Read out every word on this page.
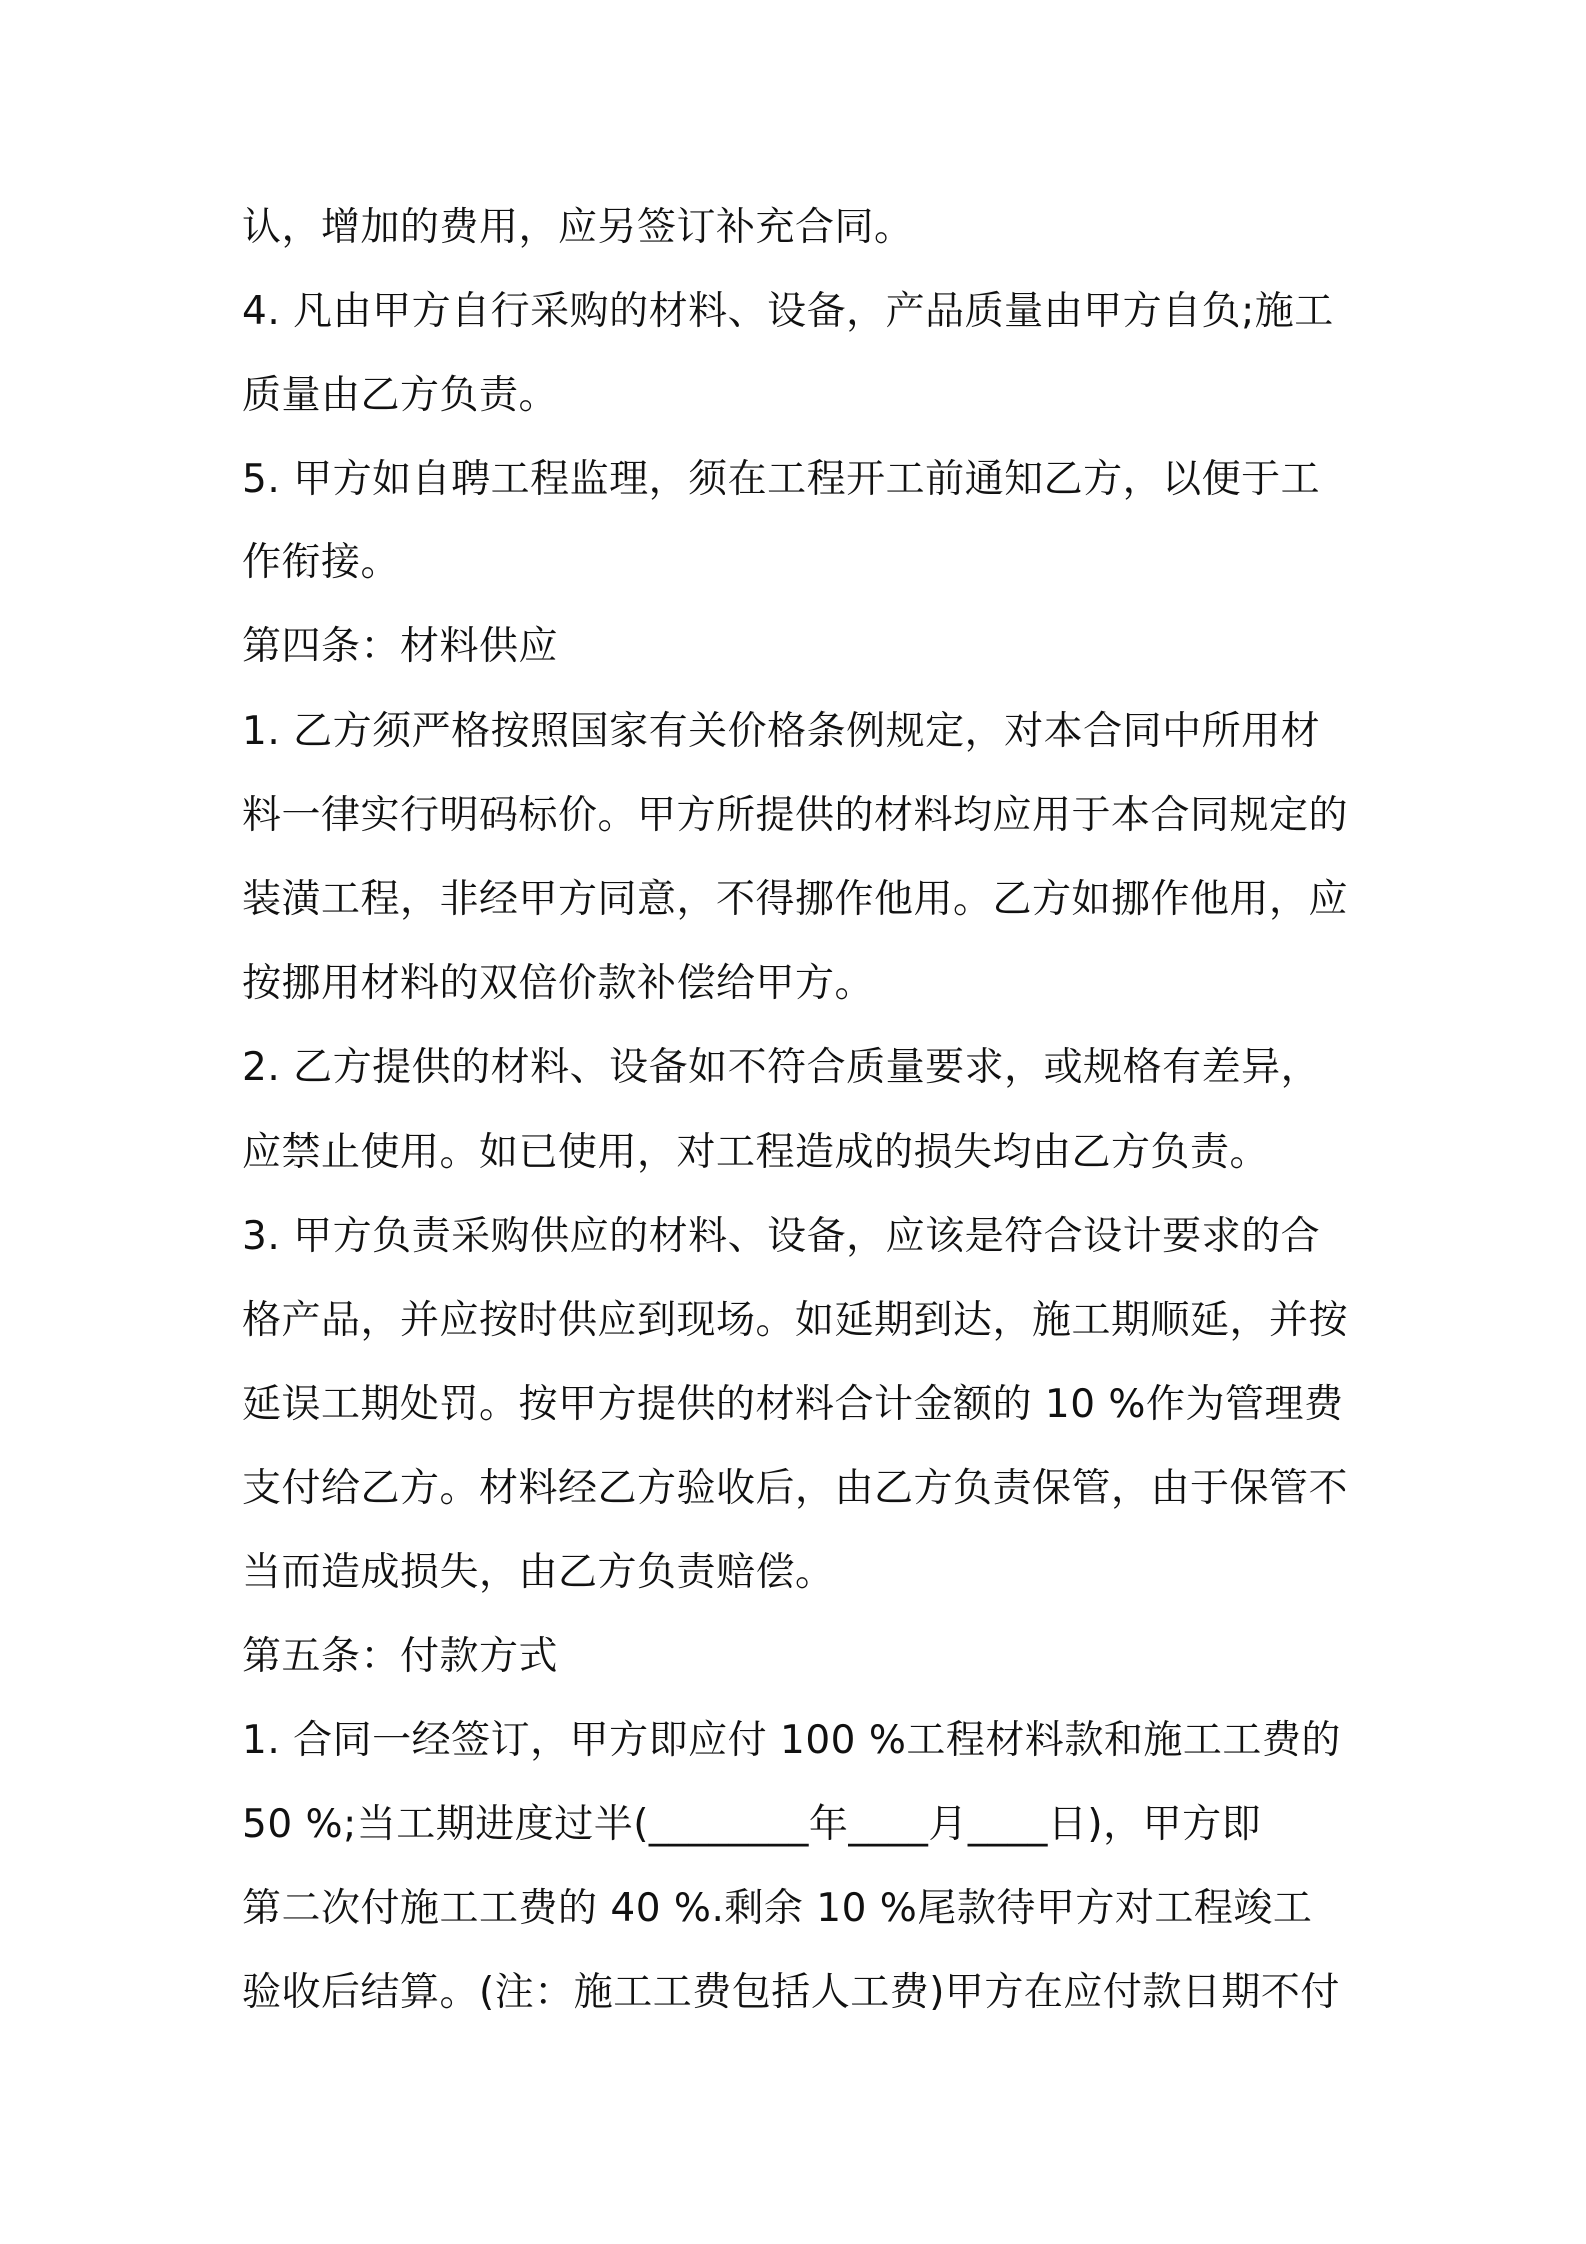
认，增加的费用，应另签订补充合同。

4. 凡由甲方自行采购的材料、设备，产品质量由甲方自负;施工

质量由乙方负责。

5. 甲方如自聘工程监理，须在工程开工前通知乙方，以便于工

作衔接。

第四条：材料供应

1. 乙方须严格按照国家有关价格条例规定，对本合同中所用材

料一律实行明码标价。甲方所提供的材料均应用于本合同规定的

装潢工程，非经甲方同意，不得挪作他用。乙方如挪作他用，应

按挪用材料的双倍价款补偿给甲方。

2. 乙方提供的材料、设备如不符合质量要求，或规格有差异，

应禁止使用。如已使用，对工程造成的损失均由乙方负责。

3. 甲方负责采购供应的材料、设备，应该是符合设计要求的合

格产品，并应按时供应到现场。如延期到达，施工期顺延，并按

延误工期处罚。按甲方提供的材料合计金额的 10 %作为管理费

支付给乙方。材料经乙方验收后，由乙方负责保管，由于保管不

当而造成损失，由乙方负责赔偿。

第五条：付款方式

1. 合同一经签订，甲方即应付 100 %工程材料款和施工工费的

50 %;当工期进度过半(________年____月____日)，甲方即

第二次付施工工费的 40 %.剩余 10 %尾款待甲方对工程竣工

验收后结算。(注：施工工费包括人工费)甲方在应付款日期不付
